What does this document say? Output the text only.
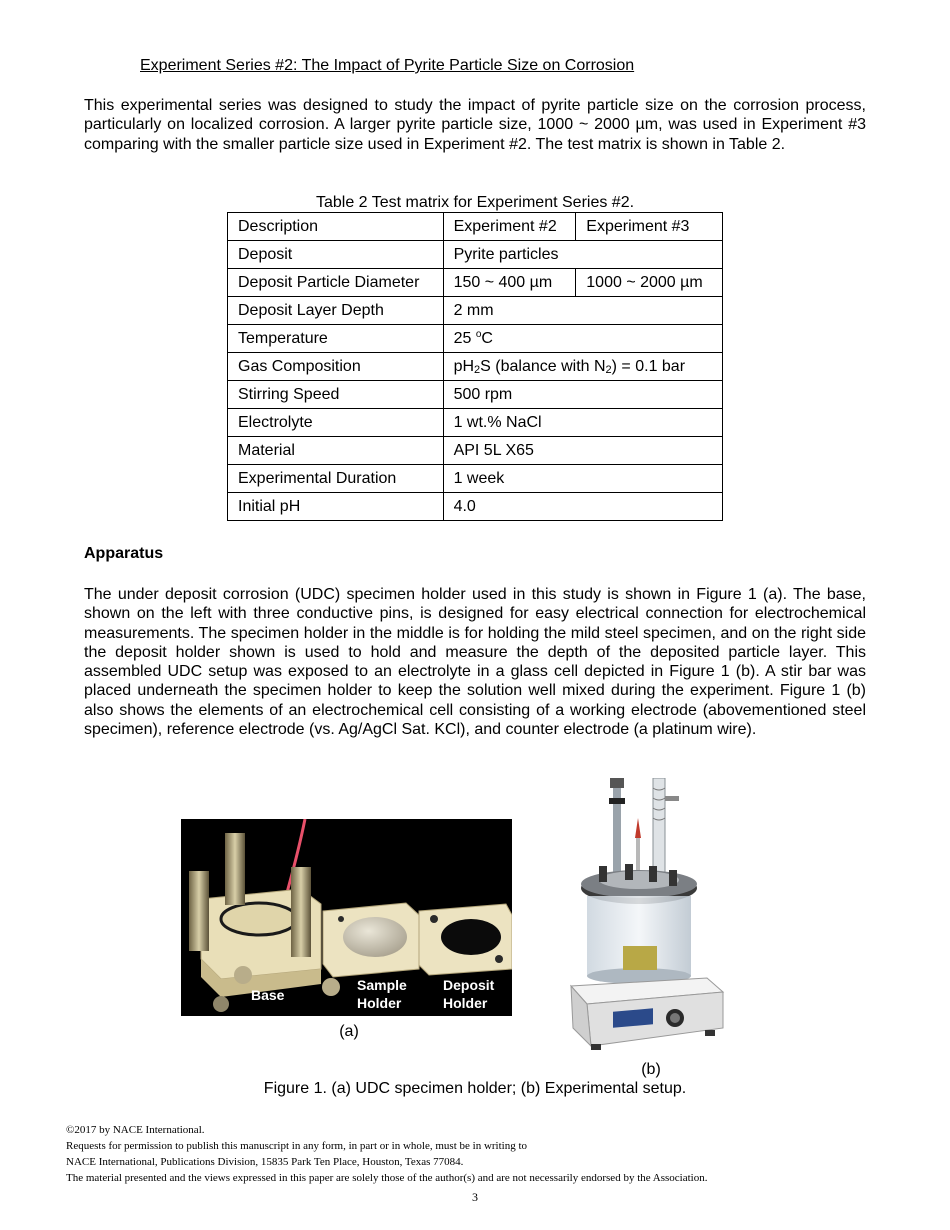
Experiment Series #2: The Impact of Pyrite Particle Size on Corrosion

This experimental series was designed to study the impact of pyrite particle size on the corrosion process, particularly on localized corrosion. A larger pyrite particle size, 1000 ~ 2000 µm, was used in Experiment #3 comparing with the smaller particle size used in Experiment #2. The test matrix is shown in Table 2.

Table 2 Test matrix for Experiment Series #2.
Description	Experiment #2	Experiment #3
Deposit	Pyrite particles	
Deposit Particle Diameter	150 ~ 400 µm	1000 ~ 2000 µm
Deposit Layer Depth	2 mm	
Temperature	25 $^o$C	
Gas Composition	$pH_2S$ (balance with $N_2) = 0.1$ bar	
Stirring Speed	500 rpm	
Electrolyte	1 wt.% NaCl	
Material	API 5L X65	
Experimental Duration	1 week	
Initial pH	4.0	
Apparatus

The under deposit corrosion (UDC) specimen holder used in this study is shown in Figure 1 (a). The base, shown on the left with three conductive pins, is designed for easy electrical connection for electrochemical measurements. The specimen holder in the middle is for holding the mild steel specimen, and on the right side the deposit holder shown is used to hold and measure the depth of the deposited particle layer. This assembled UDC setup was exposed to an electrolyte in a glass cell depicted in Figure 1 (b). A stir bar was placed underneath the specimen holder to keep the solution well mixed during the experiment. Figure 1 (b) also shows the elements of an electrochemical cell consisting of a working electrode (abovementioned steel specimen), reference electrode (vs. Ag/AgCl Sat. KCl), and counter electrode (a platinum wire).

Base
Sample
Holder
Deposit
Holder
(a)
(b)
Figure 1. (a) UDC specimen holder; (b) Experimental setup.
©2017 by NACE International.
Requests for permission to publish this manuscript in any form, in part or in whole, must be in writing to
NACE International, Publications Division, 15835 Park Ten Place, Houston, Texas 77084.
The material presented and the views expressed in this paper are solely those of the author(s) and are not necessarily endorsed by the Association.
3
